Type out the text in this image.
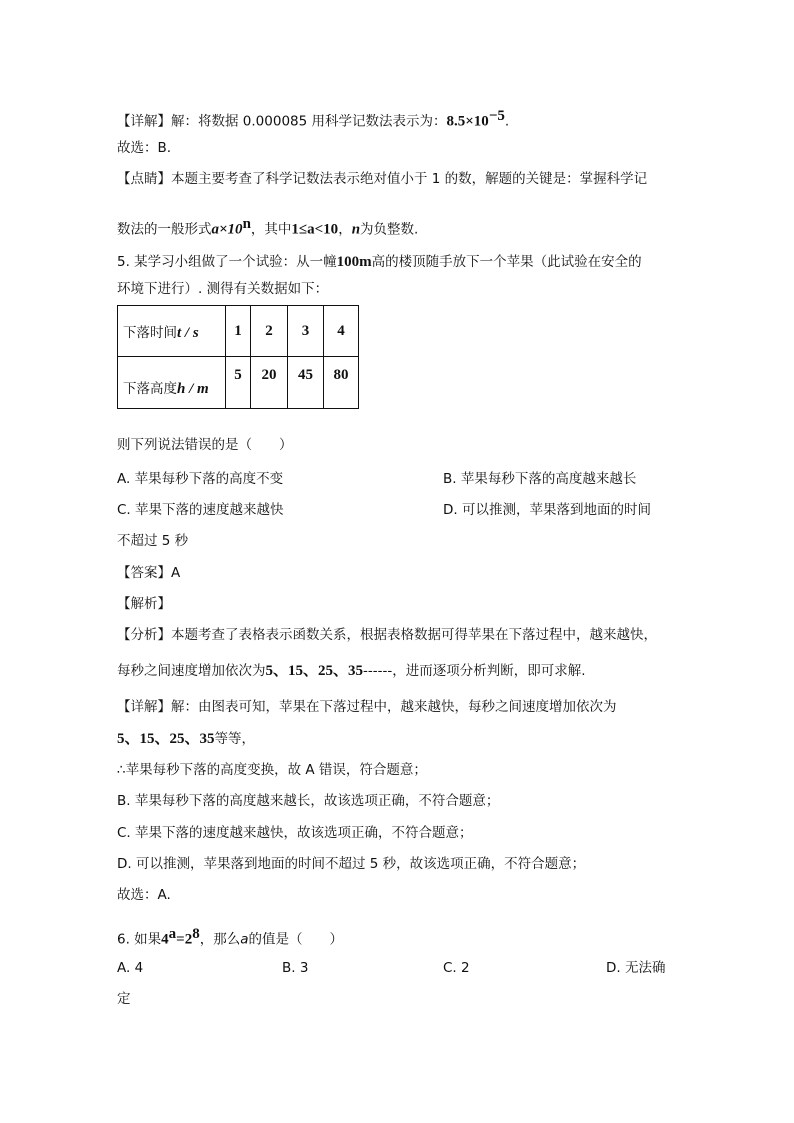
【详解】解：将数据 0.000085 用科学记数法表示为：$8.5\times 10^{-5}$.
故选：B.
【点睛】本题主要考查了科学记数法表示绝对值小于 1 的数，解题的关键是：掌握科学记
数法的一般形式$a\times 10^n$，其中1≤a<10，n为负整数.
5. 某学习小组做了一个试验：从一幢100m高的楼顶随手放下一个苹果（此试验在安全的
环境下进行）. 测得有关数据如下：
下落时间t / s	1	2	3	4
下落高度h / m	5	20	45	80
则下列说法错误的是（　　）
A. 苹果每秒下落的高度不变	B. 苹果每秒下落的高度越来越长
C. 苹果下落的速度越来越快	D. 可以推测，苹果落到地面的时间
不超过 5 秒
【答案】A
【解析】
【分析】本题考查了表格表示函数关系，根据表格数据可得苹果在下落过程中，越来越快，
每秒之间速度增加依次为5、15、25、35------，进而逐项分析判断，即可求解.
【详解】解：由图表可知，苹果在下落过程中，越来越快，每秒之间速度增加依次为
5、15、25、35等等，
∴苹果每秒下落的高度变换，故 A 错误，符合题意；
B. 苹果每秒下落的高度越来越长，故该选项正确，不符合题意；
C. 苹果下落的速度越来越快，故该选项正确，不符合题意；
D. 可以推测，苹果落到地面的时间不超过 5 秒，故该选项正确，不符合题意；
故选：A.
6. 如果$4^a=2^8$，那么a的值是（　　）
A. 4	B. 3	C. 2	D. 无法确
定
